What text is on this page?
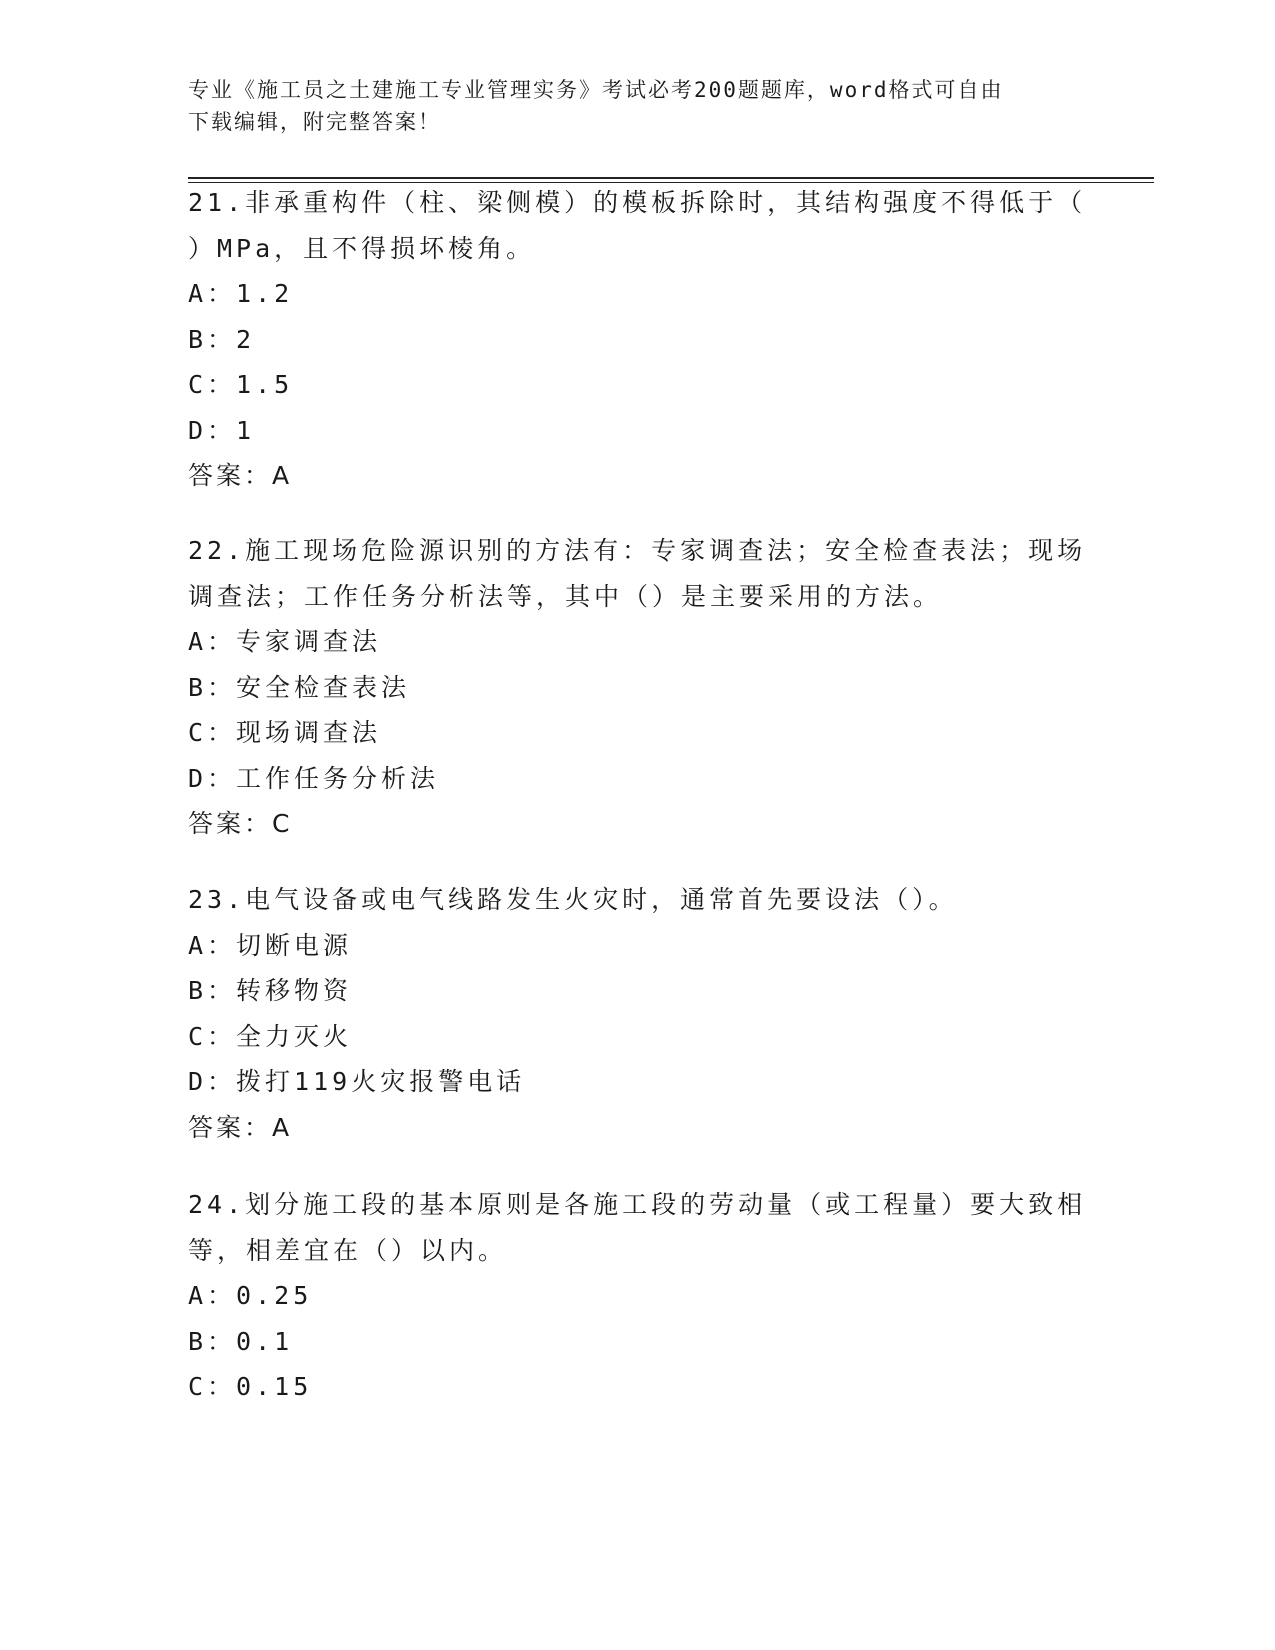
专业《施工员之土建施工专业管理实务》考试必考200题题库，word格式可自由
下载编辑，附完整答案！
21.非承重构件（柱、梁侧模）的模板拆除时，其结构强度不得低于（
）MPa，且不得损坏棱角。
A：1.2
B：2
C：1.5
D：1
答案：A
22.施工现场危险源识别的方法有：专家调查法；安全检查表法；现场
调查法；工作任务分析法等，其中（）是主要采用的方法。
A：专家调查法
B：安全检查表法
C：现场调查法
D：工作任务分析法
答案：C
23.电气设备或电气线路发生火灾时，通常首先要设法（）。
A：切断电源
B：转移物资
C：全力灭火
D：拨打119火灾报警电话
答案：A
24.划分施工段的基本原则是各施工段的劳动量（或工程量）要大致相
等，相差宜在（）以内。
A：0.25
B：0.1
C：0.15
